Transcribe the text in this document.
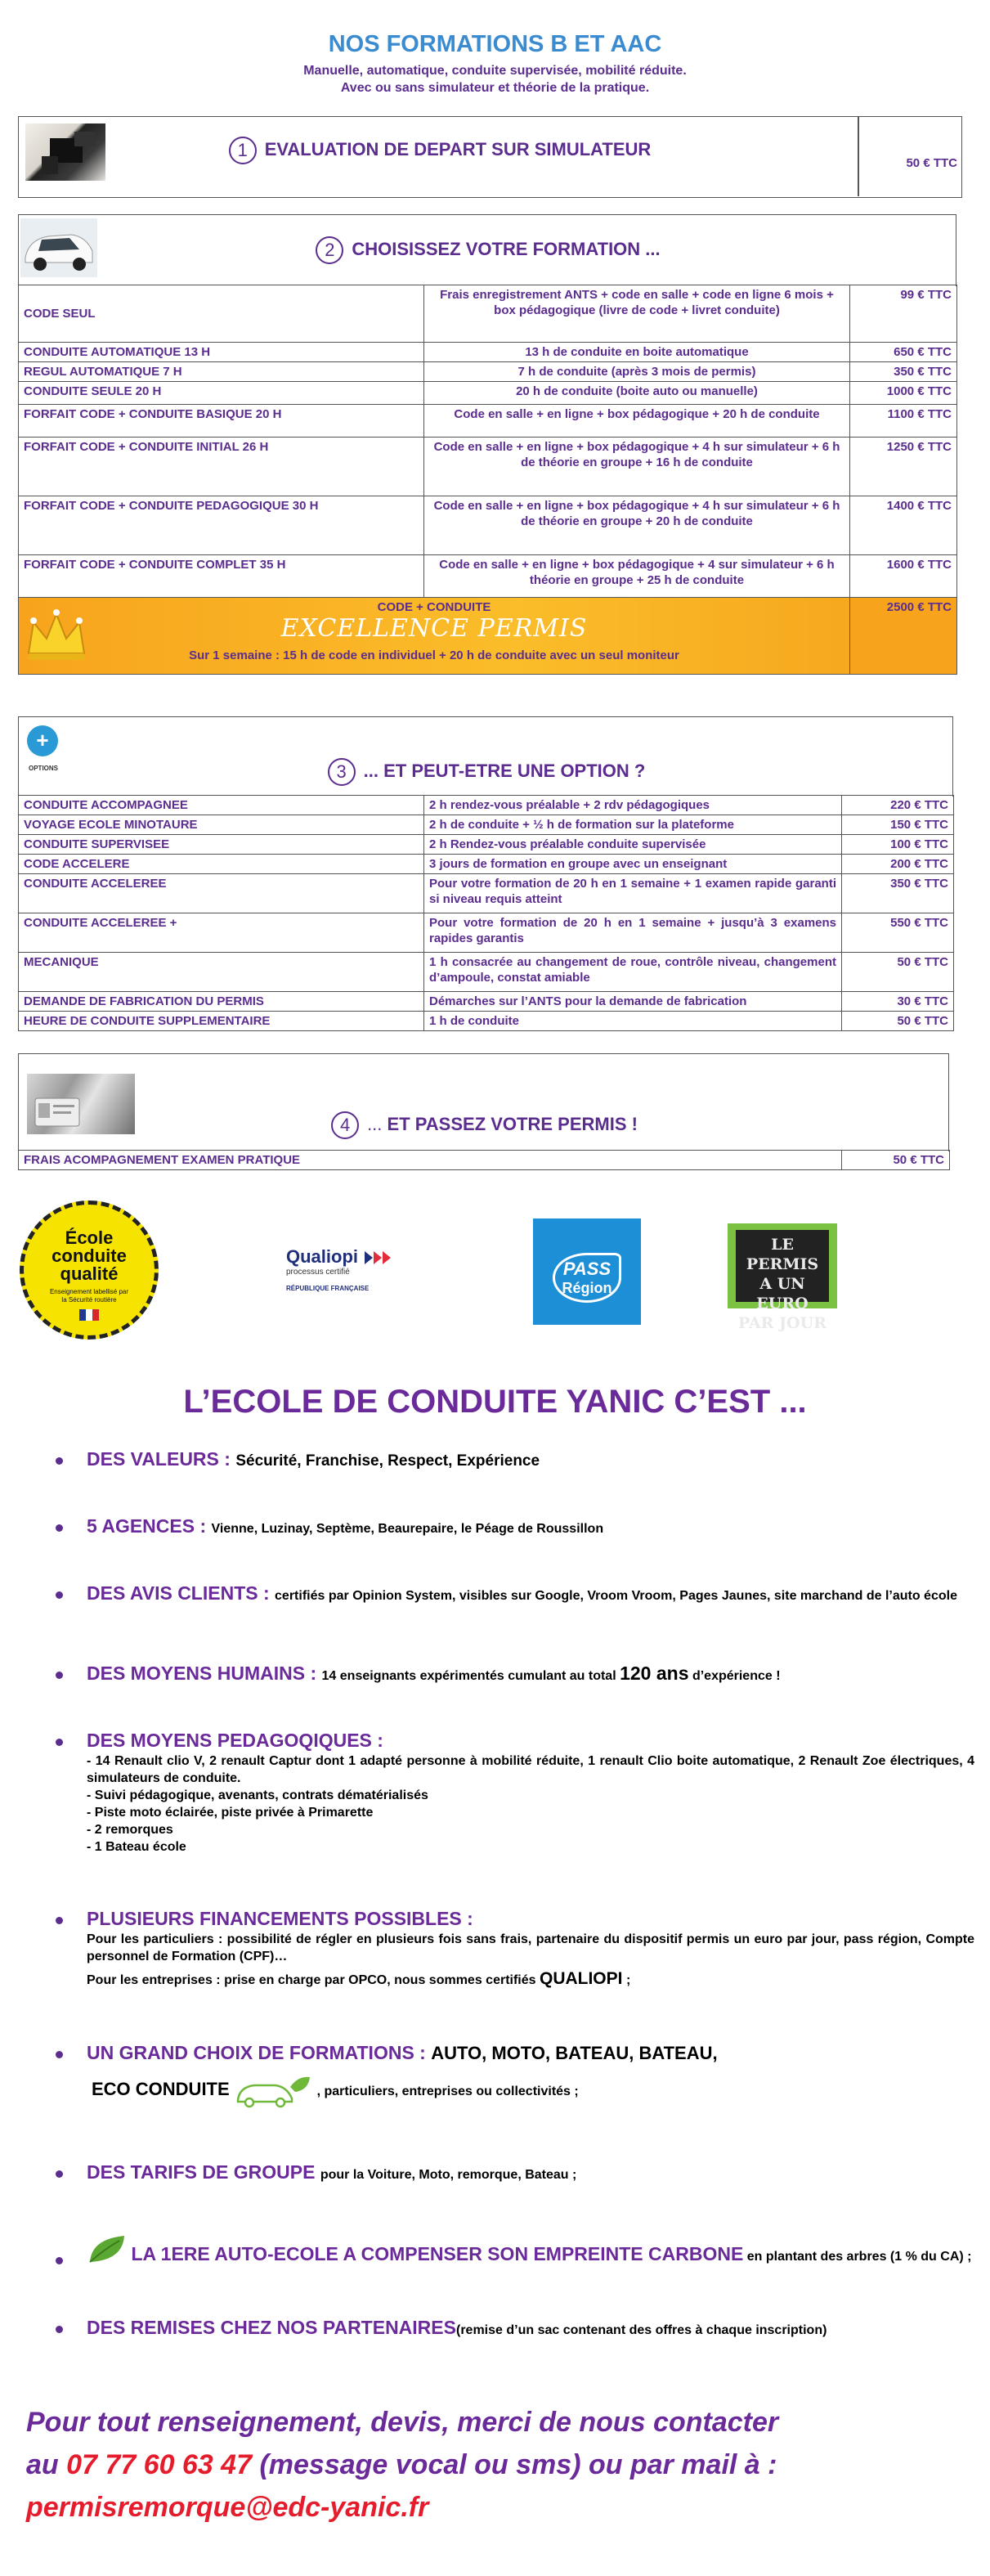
NOS FORMATIONS B ET AAC
Manuelle, automatique, conduite supervisée, mobilité réduite.
Avec ou sans simulateur et théorie de la pratique.
1 EVALUATION DE DEPART SUR SIMULATEUR
50 € TTC
2 CHOISISSEZ VOTRE FORMATION ...
CODE SEUL	Frais enregistrement ANTS + code en salle + code en ligne 6 mois + box pédagogique (livre de code + livret conduite)	99 € TTC
CONDUITE AUTOMATIQUE 13 H	13 h de conduite en boite automatique	650 € TTC
REGUL AUTOMATIQUE 7 H	7 h de conduite (après 3 mois de permis)	350 € TTC
CONDUITE SEULE 20 H	20 h de conduite (boite auto ou manuelle)	1000 € TTC
FORFAIT CODE + CONDUITE BASIQUE 20 H	Code en salle + en ligne + box pédagogique + 20 h de conduite	1100 € TTC
FORFAIT CODE + CONDUITE INITIAL 26 H	Code en salle + en ligne + box pédagogique + 4 h sur simulateur + 6 h de théorie en groupe + 16 h de conduite	1250 € TTC
FORFAIT CODE + CONDUITE PEDAGOGIQUE 30 H	Code en salle + en ligne + box pédagogique + 4 h sur simulateur + 6 h de théorie en groupe + 20 h de conduite	1400 € TTC
FORFAIT CODE + CONDUITE COMPLET 35 H	Code en salle + en ligne + box pédagogique + 4 sur simulateur + 6 h théorie en groupe + 25 h de conduite	1600 € TTC

CODE + CONDUITE
EXCELLENCE PERMIS
Sur 1 semaine : 15 h de code en individuel + 20 h de conduite avec un seul moniteur		2500 € TTC
+
OPTIONS	3 ... ET PEUT-ETRE UNE OPTION ?
CONDUITE ACCOMPAGNEE	2 h rendez-vous préalable + 2 rdv pédagogiques	220 € TTC
VOYAGE ECOLE MINOTAURE	2 h de conduite + ½ h de formation sur la plateforme	150 € TTC
CONDUITE SUPERVISEE	2 h Rendez-vous préalable conduite supervisée	100 € TTC
CODE ACCELERE	3 jours de formation en groupe avec un enseignant	200 € TTC
CONDUITE ACCELEREE	Pour votre formation de 20 h en 1 semaine + 1 examen rapide garanti si niveau requis atteint	350 € TTC
CONDUITE ACCELEREE +	Pour votre formation de 20 h en 1 semaine + jusqu’à 3 examens rapides garantis	550 € TTC
MECANIQUE	1 h consacrée au changement de roue, contrôle niveau, changement d’ampoule, constat amiable	50 € TTC
DEMANDE DE FABRICATION DU PERMIS	Démarches sur l’ANTS pour la demande de fabrication	30 € TTC
HEURE DE CONDUITE SUPPLEMENTAIRE	1 h de conduite	50 € TTC
4 ... ET PASSEZ VOTRE PERMIS !
FRAIS ACOMPAGNEMENT EXAMEN PRATIQUE	50 € TTC
École
conduite
qualité
Enseignement labellisé par la Sécurité routière
Qualiopi
processus certifié
RÉPUBLIQUE FRANÇAISE
PASS
Région
LE PERMIS
A UN EURO
PAR JOUR
L’ECOLE DE CONDUITE YANIC C’EST ...
DES VALEURS : Sécurité, Franchise, Respect, Expérience
5 AGENCES : Vienne, Luzinay, Septème, Beaurepaire, le Péage de Roussillon
DES AVIS CLIENTS : certifiés par Opinion System, visibles sur Google, Vroom Vroom, Pages Jaunes, site marchand de l’auto école
DES MOYENS HUMAINS : 14 enseignants expérimentés cumulant au total 120 ans d’expérience !
DES MOYENS PEDAGOQIQUES :
- 14 Renault clio V, 2 renault Captur dont 1 adapté personne à mobilité réduite, 1 renault Clio boite automatique, 2 Renault Zoe électriques, 4 simulateurs de conduite.
- Suivi pédagogique, avenants, contrats dématérialisés
- Piste moto éclairée, piste privée à Primarette
- 2 remorques
- 1 Bateau école
PLUSIEURS FINANCEMENTS POSSIBLES :
Pour les particuliers : possibilité de régler en plusieurs fois sans frais, partenaire du dispositif permis un euro par jour, pass région, Compte personnel de Formation (CPF)…
Pour les entreprises : prise en charge par OPCO, nous sommes certifiés QUALIOPI ;
UN GRAND CHOIX DE FORMATIONS : AUTO, MOTO, BATEAU, BATEAU,
ECO CONDUITE	, particuliers, entreprises ou collectivités ;
DES TARIFS DE GROUPE pour la Voiture, Moto, remorque, Bateau ;
LA 1ERE AUTO-ECOLE A COMPENSER SON EMPREINTE CARBONE en plantant des arbres (1 % du CA) ;
DES REMISES CHEZ NOS PARTENAIRES(remise d’un sac contenant des offres à chaque inscription)
Pour tout renseignement, devis, merci de nous contacter
au 07 77 60 63 47 (message vocal ou sms) ou par mail à :
permisremorque@edc-yanic.fr
